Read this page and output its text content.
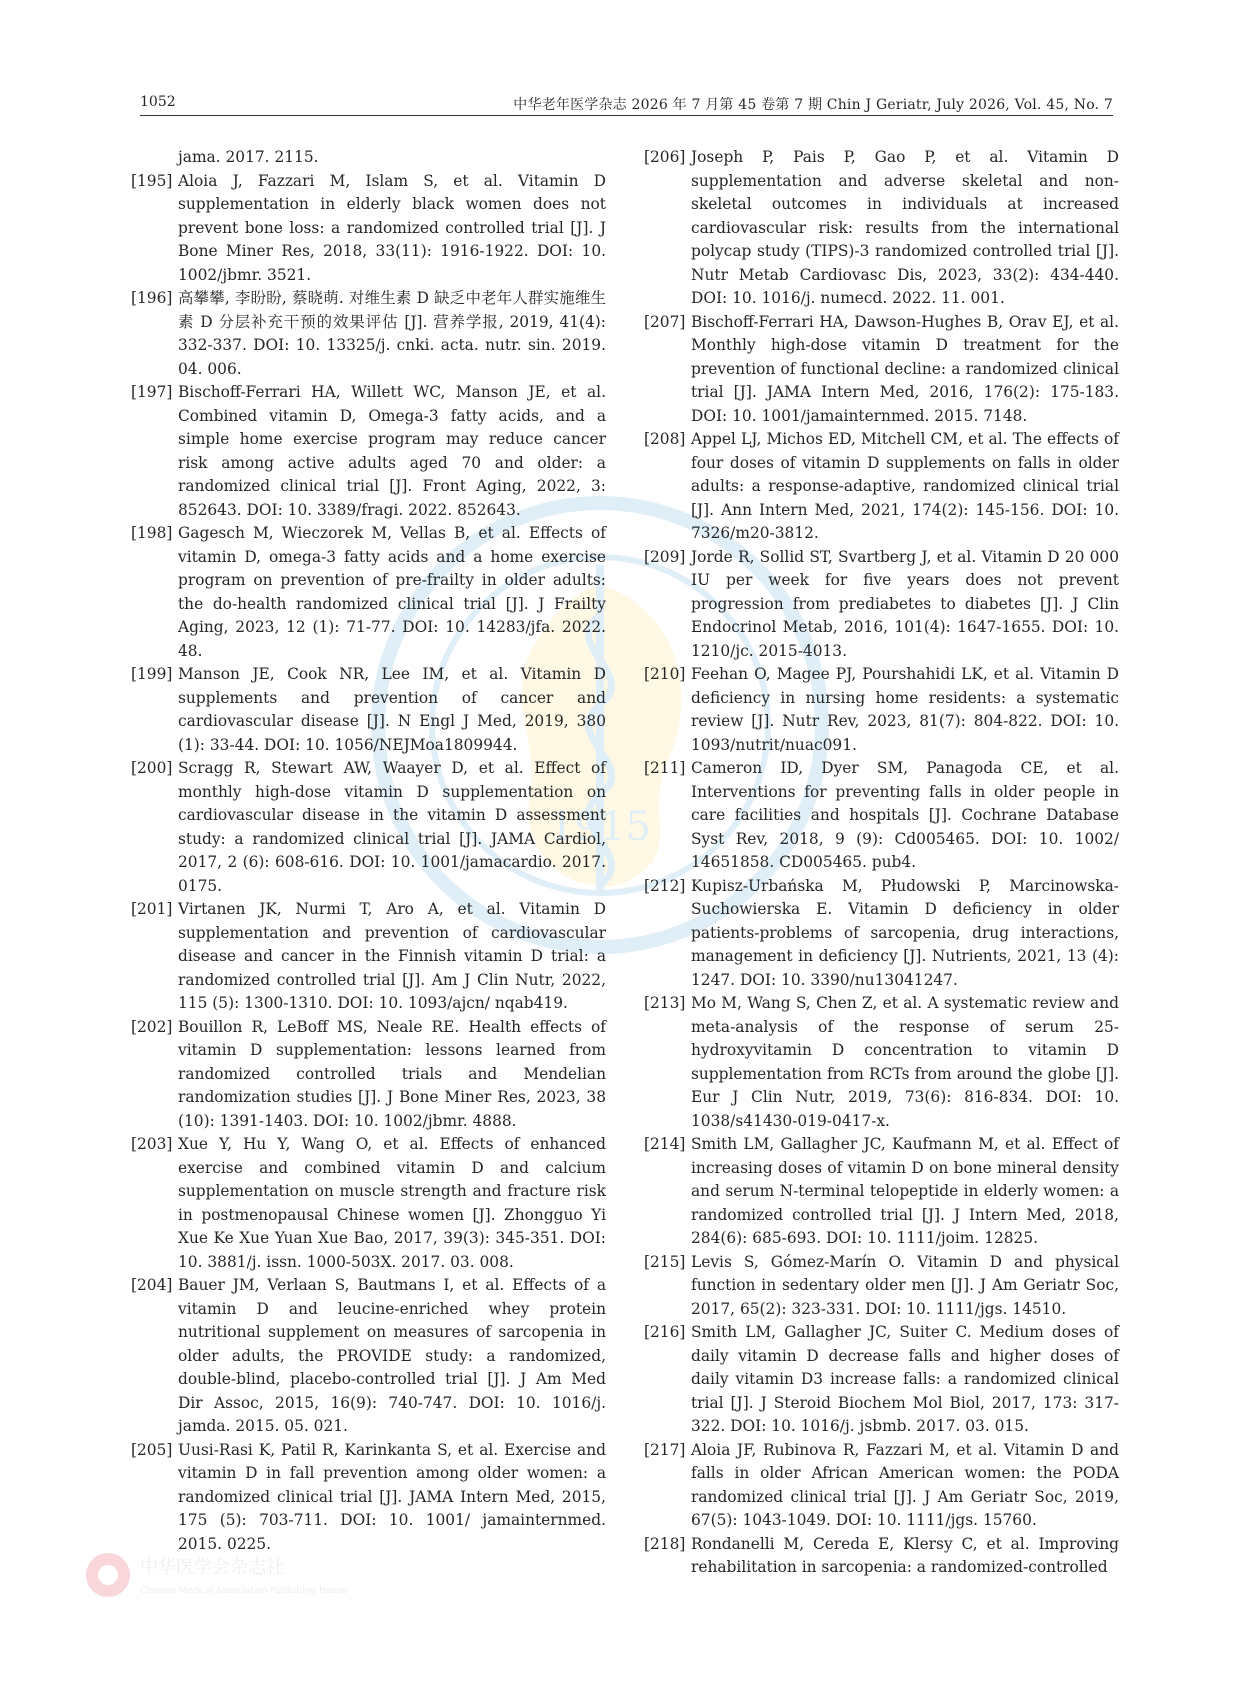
1915
中华医学会杂志社
Chinese Medical Association Publishing House
1052	中华老年医学杂志 2026 年 7 月第 45 卷第 7 期 Chin J Geriatr, July 2026, Vol. 45, No. 7
jama. 2017. 2115.
[195] Aloia J, Fazzari M, Islam S, et al. Vitamin D supplementation in elderly black women does not prevent bone loss: a randomized controlled trial [J]. J Bone Miner Res, 2018, 33(11): 1916-1922. DOI: 10. 1002/jbmr. 3521.
[196] 高攀攀, 李盼盼, 蔡晓萌. 对维生素 D 缺乏中老年人群实施维生素 D 分层补充干预的效果评估 [J]. 营养学报, 2019, 41(4): 332-337. DOI: 10. 13325/j. cnki. acta. nutr. sin. 2019. 04. 006.
[197] Bischoff-Ferrari HA, Willett WC, Manson JE, et al. Combined vitamin D, Omega-3 fatty acids, and a simple home exercise program may reduce cancer risk among active adults aged 70 and older: a randomized clinical trial [J]. Front Aging, 2022, 3: 852643. DOI: 10. 3389/fragi. 2022. 852643.
[198] Gagesch M, Wieczorek M, Vellas B, et al. Effects of vitamin D, omega-3 fatty acids and a home exercise program on prevention of pre-frailty in older adults: the do-health randomized clinical trial [J]. J Frailty Aging, 2023, 12 (1): 71-77. DOI: 10. 14283/jfa. 2022. 48.
[199] Manson JE, Cook NR, Lee IM, et al. Vitamin D supplements and prevention of cancer and cardiovascular disease [J]. N Engl J Med, 2019, 380 (1): 33-44. DOI: 10. 1056/NEJMoa1809944.
[200] Scragg R, Stewart AW, Waayer D, et al. Effect of monthly high-dose vitamin D supplementation on cardiovascular disease in the vitamin D assessment study: a randomized clinical trial [J]. JAMA Cardiol, 2017, 2 (6): 608-616. DOI: 10. 1001/jamacardio. 2017. 0175.
[201] Virtanen JK, Nurmi T, Aro A, et al. Vitamin D supplementation and prevention of cardiovascular disease and cancer in the Finnish vitamin D trial: a randomized controlled trial [J]. Am J Clin Nutr, 2022, 115 (5): 1300-1310. DOI: 10. 1093/ajcn/ nqab419.
[202] Bouillon R, LeBoff MS, Neale RE. Health effects of vitamin D supplementation: lessons learned from randomized controlled trials and Mendelian randomization studies [J]. J Bone Miner Res, 2023, 38 (10): 1391-1403. DOI: 10. 1002/jbmr. 4888.
[203] Xue Y, Hu Y, Wang O, et al. Effects of enhanced exercise and combined vitamin D and calcium supplementation on muscle strength and fracture risk in postmenopausal Chinese women [J]. Zhongguo Yi Xue Ke Xue Yuan Xue Bao, 2017, 39(3): 345-351. DOI: 10. 3881/j. issn. 1000-503X. 2017. 03. 008.
[204] Bauer JM, Verlaan S, Bautmans I, et al. Effects of a vitamin D and leucine-enriched whey protein nutritional supplement on measures of sarcopenia in older adults, the PROVIDE study: a randomized, double-blind, placebo-controlled trial [J]. J Am Med Dir Assoc, 2015, 16(9): 740-747. DOI: 10. 1016/j. jamda. 2015. 05. 021.
[205] Uusi-Rasi K, Patil R, Karinkanta S, et al. Exercise and vitamin D in fall prevention among older women: a randomized clinical trial [J]. JAMA Intern Med, 2015, 175 (5): 703-711. DOI: 10. 1001/ jamainternmed. 2015. 0225.
[206] Joseph P, Pais P, Gao P, et al. Vitamin D supplementation and adverse skeletal and non-skeletal outcomes in individuals at increased cardiovascular risk: results from the international polycap study (TIPS)-3 randomized controlled trial [J]. Nutr Metab Cardiovasc Dis, 2023, 33(2): 434-440. DOI: 10. 1016/j. numecd. 2022. 11. 001.
[207] Bischoff-Ferrari HA, Dawson-Hughes B, Orav EJ, et al. Monthly high-dose vitamin D treatment for the prevention of functional decline: a randomized clinical trial [J]. JAMA Intern Med, 2016, 176(2): 175-183. DOI: 10. 1001/jamainternmed. 2015. 7148.
[208] Appel LJ, Michos ED, Mitchell CM, et al. The effects of four doses of vitamin D supplements on falls in older adults: a response-adaptive, randomized clinical trial [J]. Ann Intern Med, 2021, 174(2): 145-156. DOI: 10. 7326/m20-3812.
[209] Jorde R, Sollid ST, Svartberg J, et al. Vitamin D 20 000 IU per week for five years does not prevent progression from prediabetes to diabetes [J]. J Clin Endocrinol Metab, 2016, 101(4): 1647-1655. DOI: 10. 1210/jc. 2015-4013.
[210] Feehan O, Magee PJ, Pourshahidi LK, et al. Vitamin D deficiency in nursing home residents: a systematic review [J]. Nutr Rev, 2023, 81(7): 804-822. DOI: 10. 1093/nutrit/nuac091.
[211] Cameron ID, Dyer SM, Panagoda CE, et al. Interventions for preventing falls in older people in care facilities and hospitals [J]. Cochrane Database Syst Rev, 2018, 9 (9): Cd005465. DOI: 10. 1002/ 14651858. CD005465. pub4.
[212] Kupisz-Urbańska M, Płudowski P, Marcinowska-Suchowierska E. Vitamin D deficiency in older patients-problems of sarcopenia, drug interactions, management in deficiency [J]. Nutrients, 2021, 13 (4): 1247. DOI: 10. 3390/nu13041247.
[213] Mo M, Wang S, Chen Z, et al. A systematic review and meta-analysis of the response of serum 25-hydroxyvitamin D concentration to vitamin D supplementation from RCTs from around the globe [J]. Eur J Clin Nutr, 2019, 73(6): 816-834. DOI: 10. 1038/s41430-019-0417-x.
[214] Smith LM, Gallagher JC, Kaufmann M, et al. Effect of increasing doses of vitamin D on bone mineral density and serum N-terminal telopeptide in elderly women: a randomized controlled trial [J]. J Intern Med, 2018, 284(6): 685-693. DOI: 10. 1111/joim. 12825.
[215] Levis S, Gómez-Marín O. Vitamin D and physical function in sedentary older men [J]. J Am Geriatr Soc, 2017, 65(2): 323-331. DOI: 10. 1111/jgs. 14510.
[216] Smith LM, Gallagher JC, Suiter C. Medium doses of daily vitamin D decrease falls and higher doses of daily vitamin D3 increase falls: a randomized clinical trial [J]. J Steroid Biochem Mol Biol, 2017, 173: 317-322. DOI: 10. 1016/j. jsbmb. 2017. 03. 015.
[217] Aloia JF, Rubinova R, Fazzari M, et al. Vitamin D and falls in older African American women: the PODA randomized clinical trial [J]. J Am Geriatr Soc, 2019, 67(5): 1043-1049. DOI: 10. 1111/jgs. 15760.
[218] Rondanelli M, Cereda E, Klersy C, et al. Improving rehabilitation in sarcopenia: a randomized-controlled
